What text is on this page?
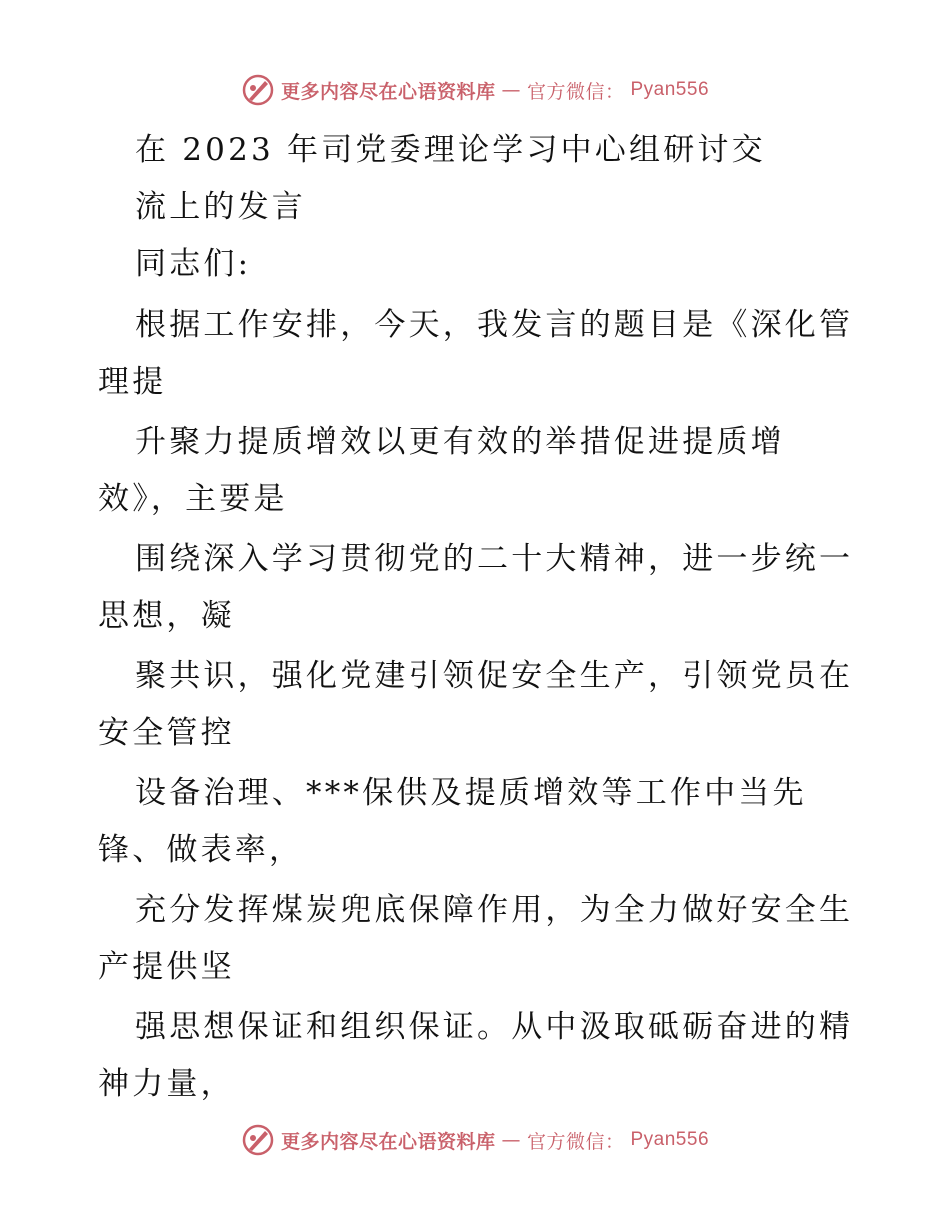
更多内容尽在心语资料库 — 官方微信： Pyan556
在 2023 年司党委理论学习中心组研讨交
流上的发言
同志们:
根据工作安排，今天，我发言的题目是《深化管
理提
升聚力提质增效以更有效的举措促进提质增
效》，主要是
围绕深入学习贯彻党的二十大精神，进一步统一
思想，凝
聚共识，强化党建引领促安全生产，引领党员在
安全管控
设备治理、***保供及提质增效等工作中当先
锋、做表率，
充分发挥煤炭兜底保障作用，为全力做好安全生
产提供坚
强思想保证和组织保证。从中汲取砥砺奋进的精
神力量，
更多内容尽在心语资料库 — 官方微信： Pyan556
